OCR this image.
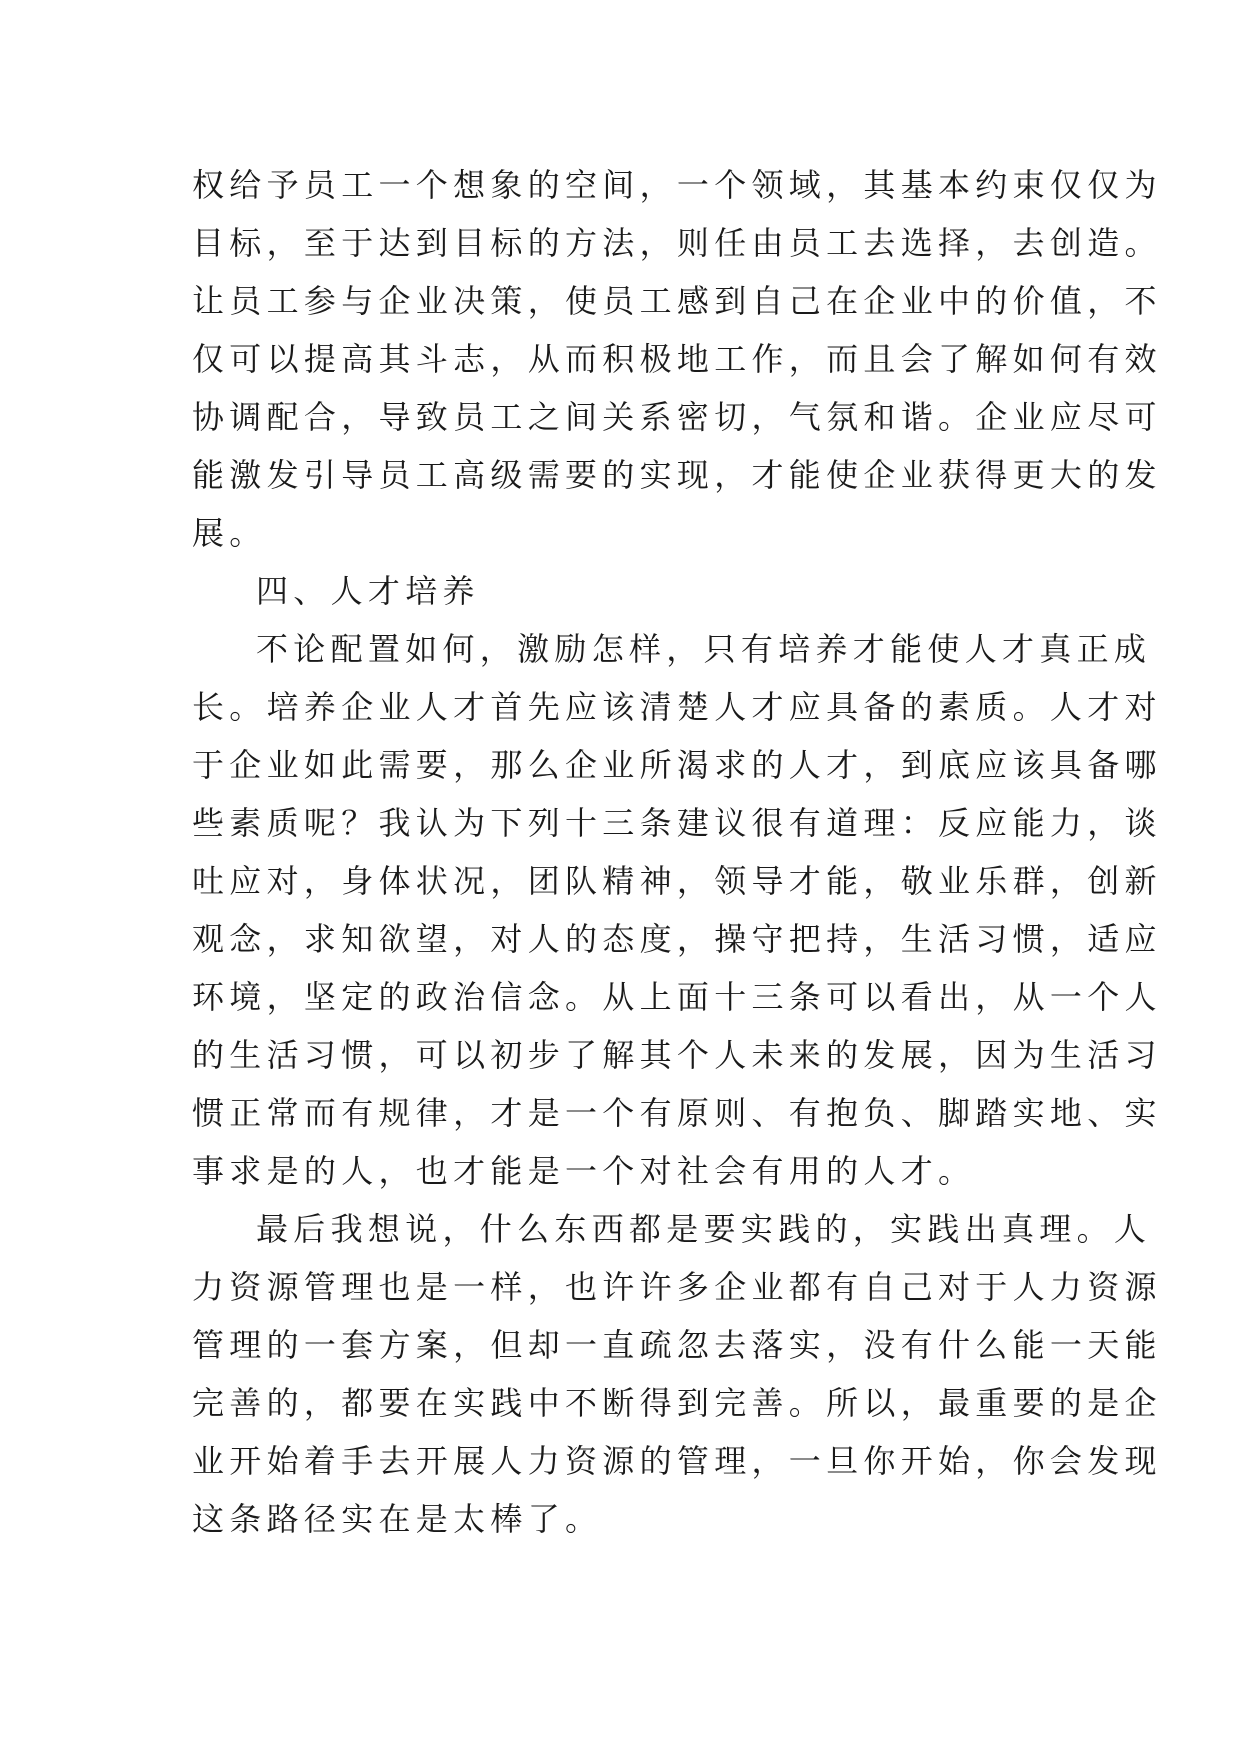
权给予员工一个想象的空间，一个领域，其基本约束仅仅为
目标，至于达到目标的方法，则任由员工去选择，去创造。
让员工参与企业决策，使员工感到自己在企业中的价值，不
仅可以提高其斗志，从而积极地工作，而且会了解如何有效
协调配合，导致员工之间关系密切，气氛和谐。企业应尽可
能激发引导员工高级需要的实现，才能使企业获得更大的发
展。
四、人才培养
不论配置如何，激励怎样，只有培养才能使人才真正成
长。培养企业人才首先应该清楚人才应具备的素质。人才对
于企业如此需要，那么企业所渴求的人才，到底应该具备哪
些素质呢？我认为下列十三条建议很有道理：反应能力，谈
吐应对，身体状况，团队精神，领导才能，敬业乐群，创新
观念，求知欲望，对人的态度，操守把持，生活习惯，适应
环境，坚定的政治信念。从上面十三条可以看出，从一个人
的生活习惯，可以初步了解其个人未来的发展，因为生活习
惯正常而有规律，才是一个有原则、有抱负、脚踏实地、实
事求是的人，也才能是一个对社会有用的人才。
最后我想说，什么东西都是要实践的，实践出真理。人
力资源管理也是一样，也许许多企业都有自己对于人力资源
管理的一套方案，但却一直疏忽去落实，没有什么能一天能
完善的，都要在实践中不断得到完善。所以，最重要的是企
业开始着手去开展人力资源的管理，一旦你开始，你会发现
这条路径实在是太棒了。
